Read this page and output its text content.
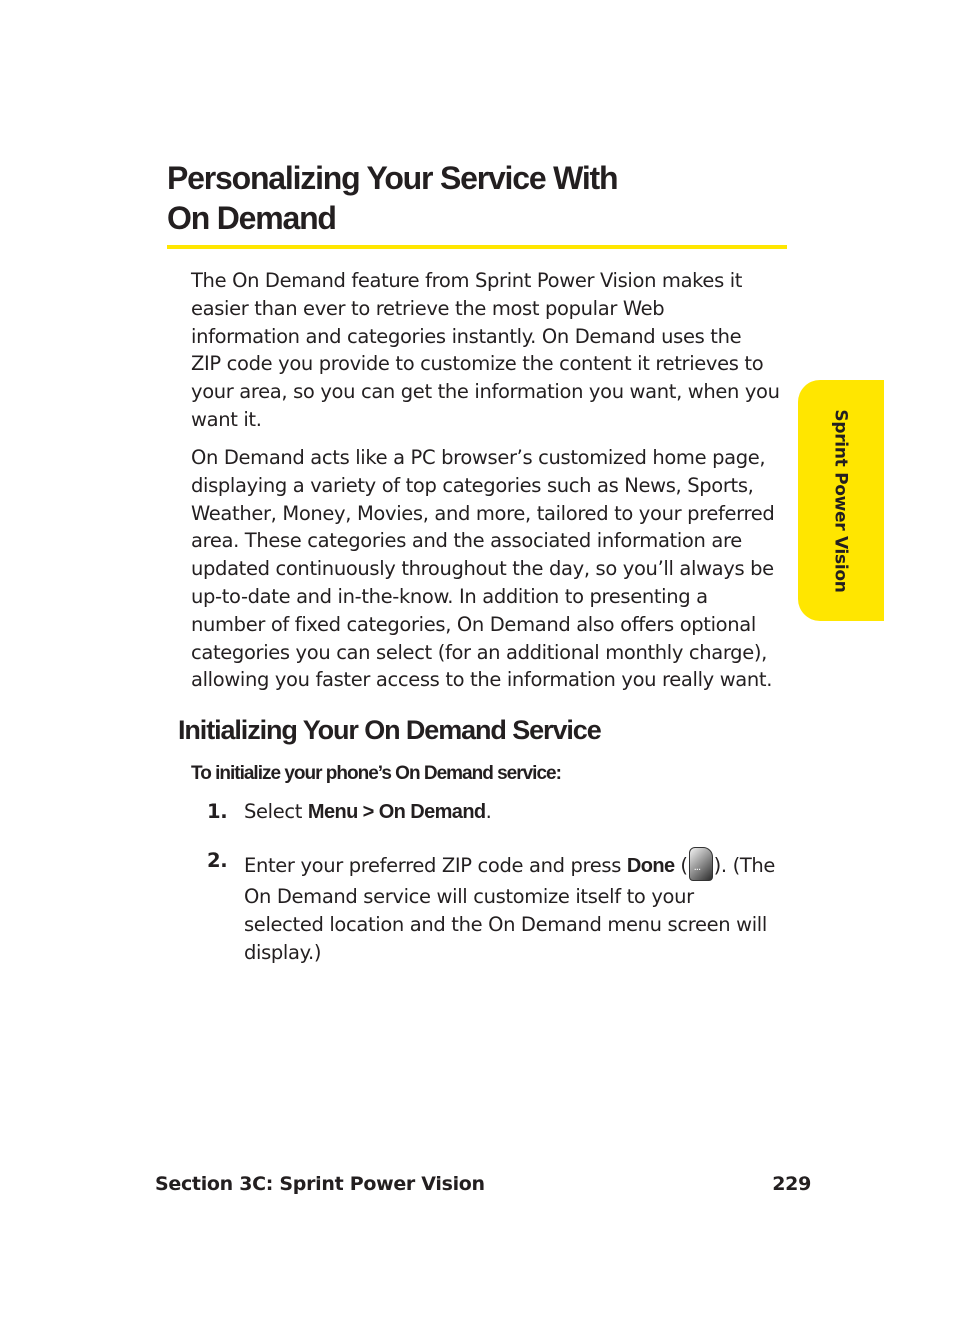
Personalizing Your Service With
On Demand

The On Demand feature from Sprint Power Vision makes it
easier than ever to retrieve the most popular Web
information and categories instantly. On Demand uses the
ZIP code you provide to customize the content it retrieves to
your area, so you can get the information you want, when you
want it.

On Demand acts like a PC browser’s customized home page,
displaying a variety of top categories such as News, Sports,
Weather, Money, Movies, and more, tailored to your preferred
area. These categories and the associated information are
updated continuously throughout the day, so you’ll always be
up-to-date and in-the-know. In addition to presenting a
number of fixed categories, On Demand also offers optional
categories you can select (for an additional monthly charge),
allowing you faster access to the information you really want.

Initializing Your On Demand Service

To initialize your phone’s On Demand service:

1. Select Menu > On Demand.
2. Enter your preferred ZIP code and press Done (··· ). (The
On Demand service will customize itself to your
selected location and the On Demand menu screen will
display.)
Sprint Power Vision
Section 3C: Sprint Power Vision	229
